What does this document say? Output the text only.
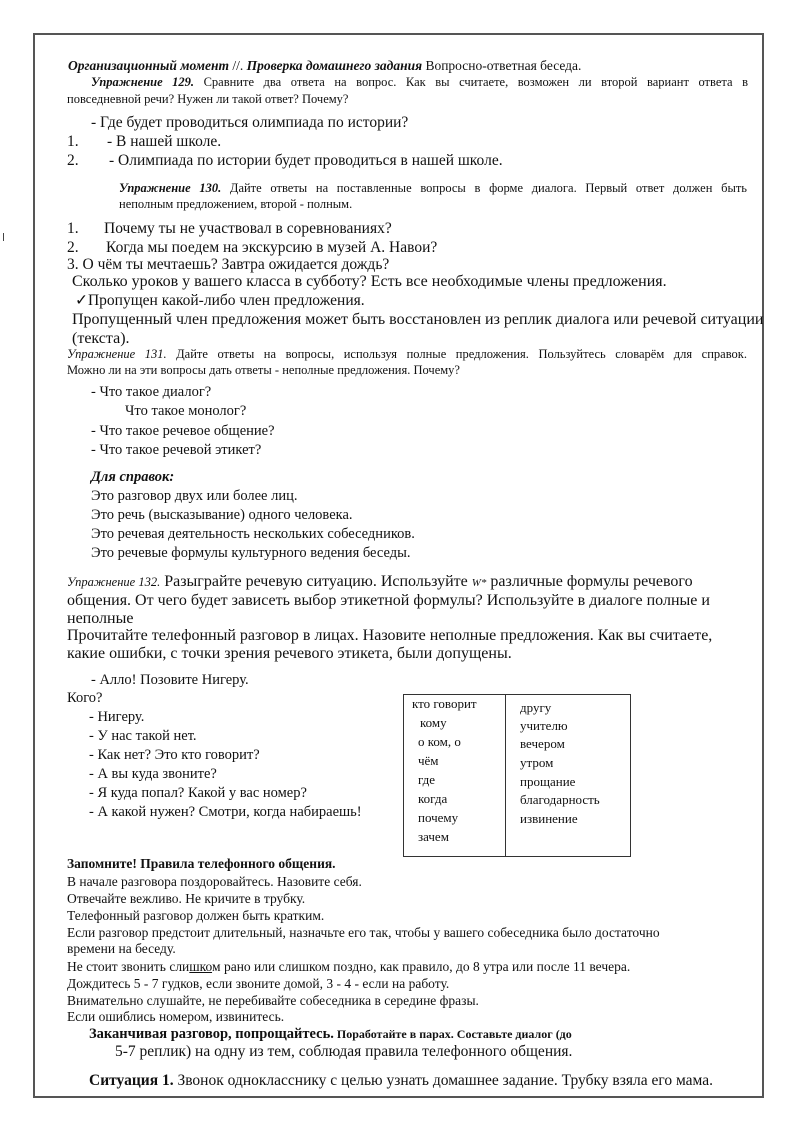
Организационный момент //. Проверка домашнего задания Вопросно-ответная беседа.
Упражнение 129. Сравните два ответа на вопрос. Как вы считаете, возможен ли второй вариант ответа в
повседневной речи? Нужен ли такой ответ? Почему?
- Где будет проводиться олимпиада по истории?
1. - В нашей школе.
2. - Олимпиада по истории будет проводиться в нашей школе.
Упражнение 130. Дайте ответы на поставленные вопросы в форме диалога. Первый ответ должен быть
неполным предложением, второй - полным.
1. Почему ты не участвовал в соревнованиях?
2. Когда мы поедем на экскурсию в музей А. Навои?
3. О чём ты мечтаешь? Завтра ожидается дождь?
Сколько уроков у вашего класса в субботу? Есть все необходимые члены предложения.
✓Пропущен какой-либо член предложения.
Пропущенный член предложения может быть восстановлен из реплик диалога или речевой ситуации
(текста).
Упражнение 131. Дайте ответы на вопросы, используя полные предложения. Пользуйтесь словарём для справок.
Можно ли на эти вопросы дать ответы - неполные предложения. Почему?
- Что такое диалог?
Что такое монолог?
- Что такое речевое общение?
- Что такое речевой этикет?
Для справок:
Это разговор двух или более лиц.
Это речь (высказывание) одного человека.
Это речевая деятельность нескольких собеседников.
Это речевые формулы культурного ведения беседы.
Упражнение 132. Разыграйте речевую ситуацию. Используйте W* различные формулы речевого
общения. От чего будет зависеть выбор этикетной формулы? Используйте в диалоге полные и
неполные
Прочитайте телефонный разговор в лицах. Назовите неполные предложения. Как вы считаете,
какие ошибки, с точки зрения речевого этикета, были допущены.
- Алло! Позовите Нигеру.
Кого?
- Нигеру.
- У нас такой нет.
- Как нет? Это кто говорит?
- А вы куда звоните?
- Я куда попал? Какой у вас номер?
- А какой нужен? Смотри, когда набираешь!
кто говорит
кому
о ком, о
чём
где
когда
почему
зачем
другу
учителю
вечером
утром
прощание
благодарность
извинение
Запомните! Правила телефонного общения.
В начале разговора поздоровайтесь. Назовите себя.
Отвечайте вежливо. Не кричите в трубку.
Телефонный разговор должен быть кратким.
Если разговор предстоит длительный, назначьте его так, чтобы у вашего собеседника было достаточно
времени на беседу.
Не стоит звонить слишком рано или слишком поздно, как правило, до 8 утра или после 11 вечера.
Дождитесь 5 - 7 гудков, если звоните домой, 3 - 4 - если на работу.
Внимательно слушайте, не перебивайте собеседника в середине фразы.
Если ошиблись номером, извинитесь.
Заканчивая разговор, попрощайтесь. Поработайте в парах. Составьте диалог (до
5-7 реплик) на одну из тем, соблюдая правила телефонного общения.
Ситуация 1. Звонок однокласснику с целью узнать домашнее задание. Трубку взяла его мама.
